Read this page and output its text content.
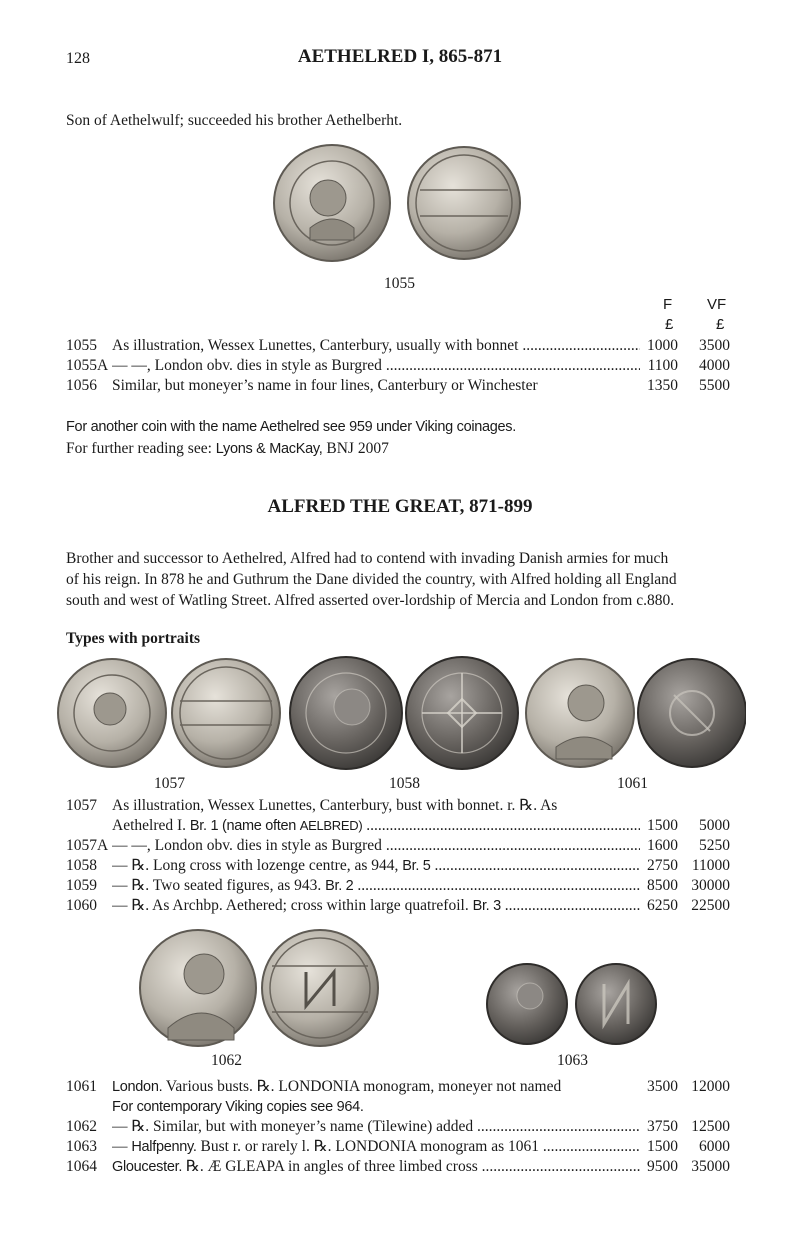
128	AETHELRED I, 865-871
Son of Aethelwulf; succeeded his brother Aethelberht.
1055
F VF
£	£
1055 As illustration, Wessex Lunettes, Canterbury, usually with bonnet .....	1000 3500
1055A — —, London obv. dies in style as Burgred .....	1100 4000
1056 Similar, but moneyer’s name in four lines, Canterbury or Winchester	1350 5500
For another coin with the name Aethelred see 959 under Viking coinages.
For further reading see: Lyons & MacKay, BNJ 2007
ALFRED THE GREAT, 871-899
Brother and successor to Aethelred, Alfred had to contend with invading Danish armies for much
of his reign. In 878 he and Guthrum the Dane divided the country, with Alfred holding all England
south and west of Watling Street. Alfred asserted over-lordship of Mercia and London from c.880.
Types with portraits
1057	1058	1061
1057 As illustration, Wessex Lunettes, Canterbury, bust with bonnet. r. ℞. As
Aethelred I. Br. 1 (name often AELBRED) .....	1500 5000
1057A — —, London obv. dies in style as Burgred .....	1600 5250
1058 — ℞. Long cross with lozenge centre, as 944, Br. 5 .....	2750 11000
1059 — ℞. Two seated figures, as 943. Br. 2 .....	8500 30000
1060 — ℞. As Archbp. Aethered; cross within large quatrefoil. Br. 3 .....	6250 22500
1062	1063
1061 London. Various busts. ℞. LONDONIA monogram, moneyer not named	3500 12000
For contemporary Viking copies see 964.
1062 — ℞. Similar, but with moneyer’s name (Tilewine) added .....	3750 12500
1063 — Halfpenny. Bust r. or rarely l. ℞. LONDONIA monogram as 1061 .....	1500 6000
1064 Gloucester. ℞. Æ GLEAPA in angles of three limbed cross .....	9500 35000
